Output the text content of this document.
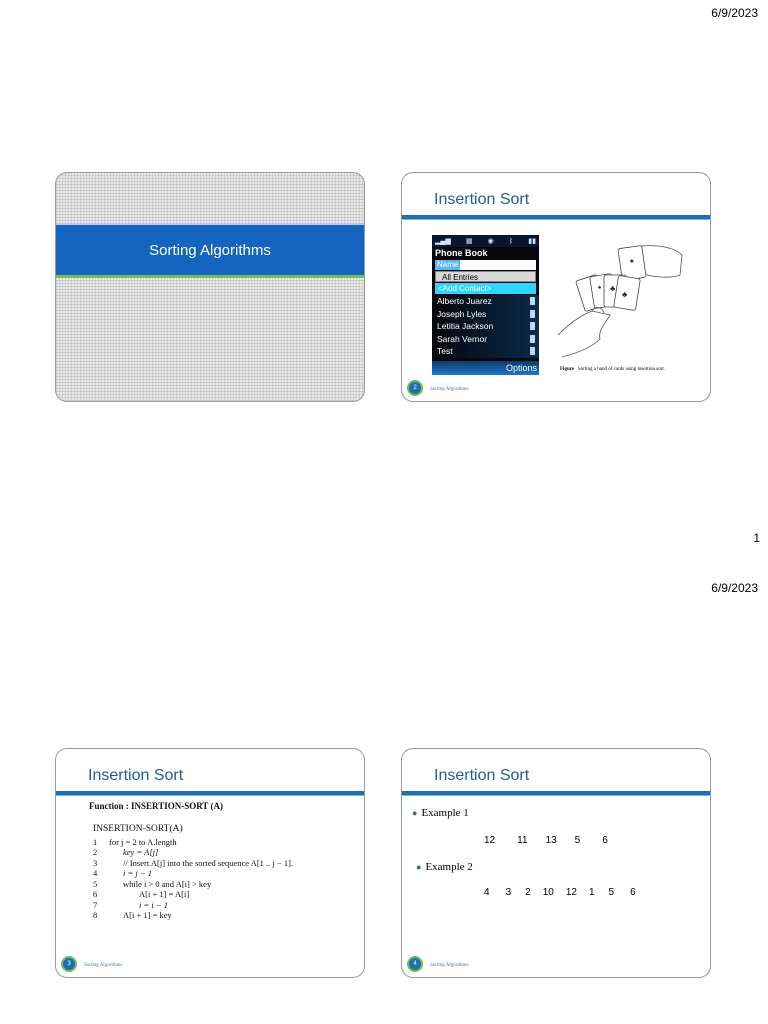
6/9/2023
1
6/9/2023
Sorting Algorithms
Insertion Sort
▂▄▆ ▦ ◉ ᛒ ▮▮
Phone Book
Name
All Entries
<Add Contact>
Alberto Juarez
Joseph Lyles
Letitia Jackson
Sarah Vernor
Test
Options
♣
♣
♠
♠
Figure Sorting a hand of cards using insertion sort.
2	Sorting Algorithms
Insertion Sort
Function : INSERTION-SORT (A)
INSERTION-SORT(A)
1 for j = 2 to A.length
2	key = A[j]
3	// Insert A[j] into the sorted sequence A[1 .. j − 1].
4	i = j − 1
5	while i > 0 and A[i] > key
6	A[i + 1] = A[i]
7	i = i − 1
8	A[i + 1] = key
3	Sorting Algorithms
Insertion Sort
● Example 1
12 11 13 5 6
● Example 2
4 3 2 10 12 1 5 6
4	Sorting Algorithms
